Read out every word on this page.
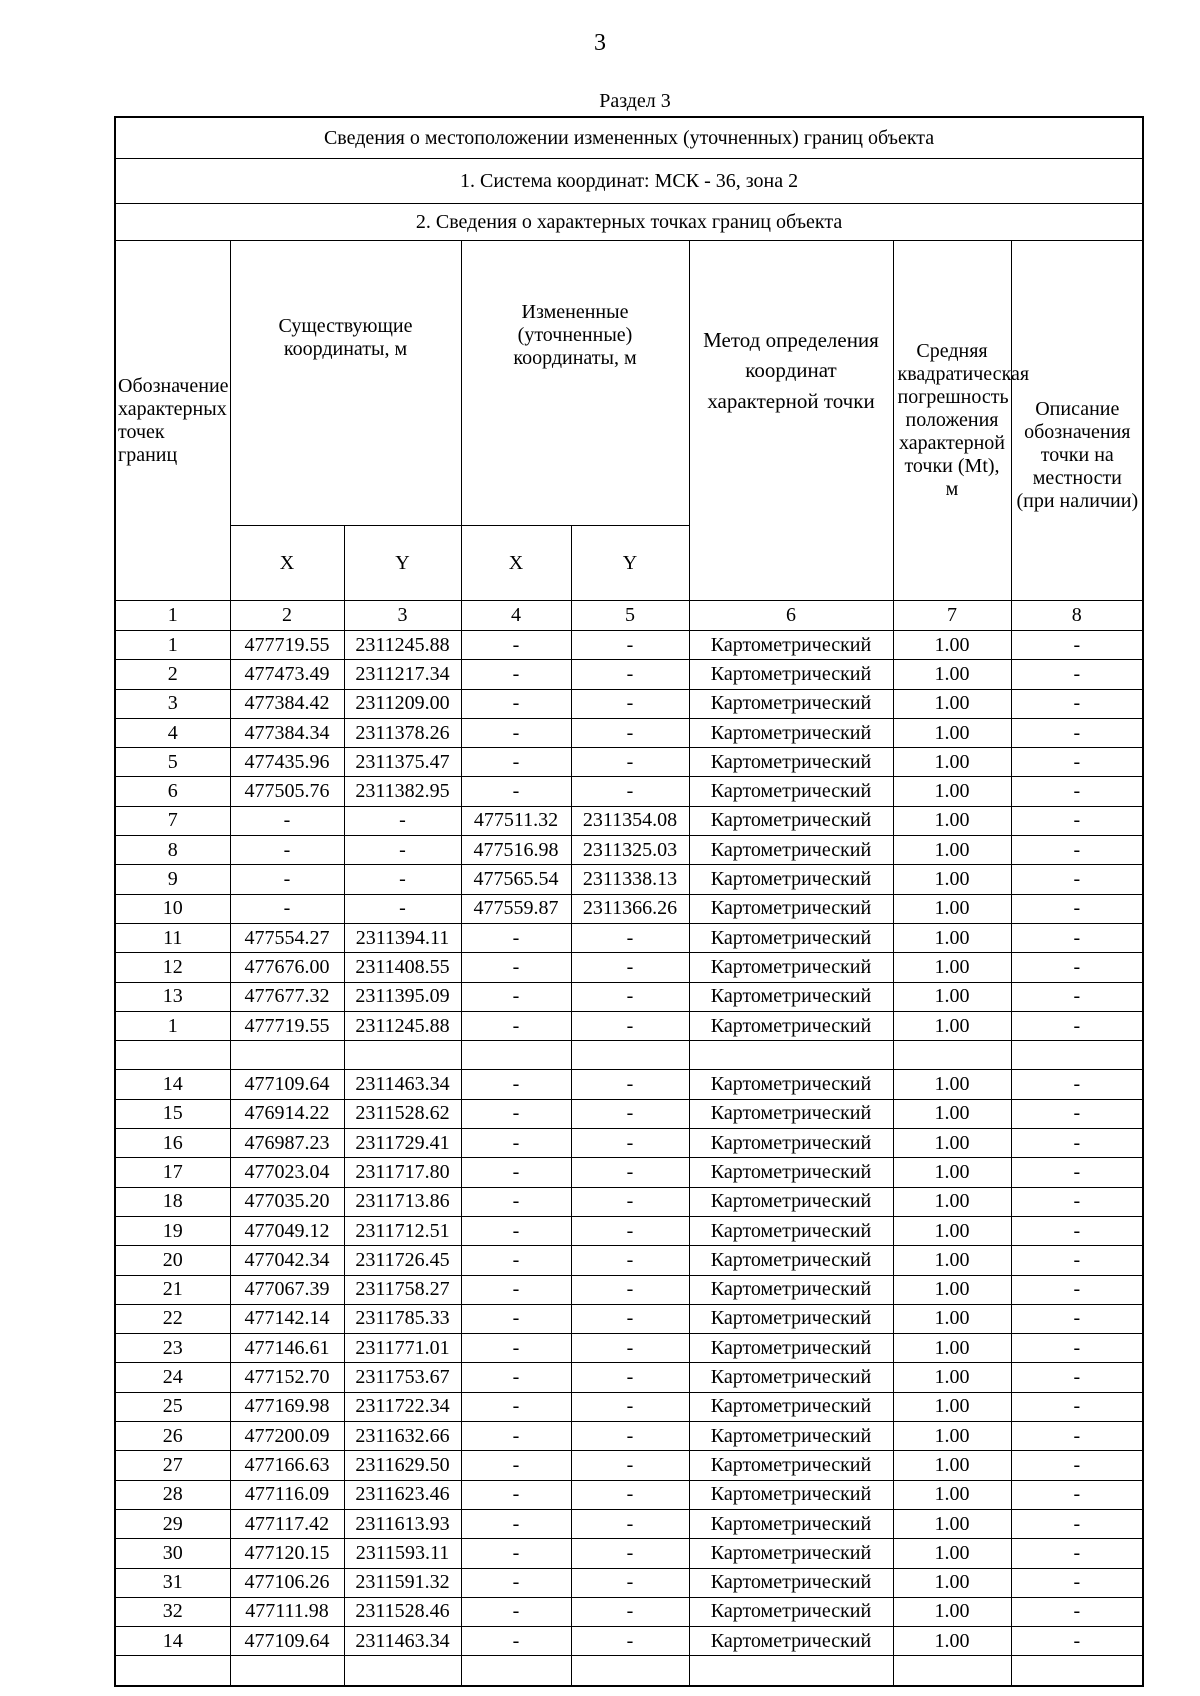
3
Раздел 3
Сведения о местоположении измененных (уточненных) границ объекта							
1. Система координат: МСК - 36, зона 2							
2. Сведения о характерных точках границ объекта							
Обозначение характерных точек границ	Существующие координаты, м		Измененные (уточненные) координаты, м		Метод определения координат характерной точки	Средняя квадратическая погрешность положения характерной точки (Mt), м	Описание обозначения точки на местности (при наличии)
	X	Y	X	Y			
1	2	3	4	5	6	7	8
1	477719.55	2311245.88	-	-	Картометрический	1.00	-
2	477473.49	2311217.34	-	-	Картометрический	1.00	-
3	477384.42	2311209.00	-	-	Картометрический	1.00	-
4	477384.34	2311378.26	-	-	Картометрический	1.00	-
5	477435.96	2311375.47	-	-	Картометрический	1.00	-
6	477505.76	2311382.95	-	-	Картометрический	1.00	-
7	-	-	477511.32	2311354.08	Картометрический	1.00	-
8	-	-	477516.98	2311325.03	Картометрический	1.00	-
9	-	-	477565.54	2311338.13	Картометрический	1.00	-
10	-	-	477559.87	2311366.26	Картометрический	1.00	-
11	477554.27	2311394.11	-	-	Картометрический	1.00	-
12	477676.00	2311408.55	-	-	Картометрический	1.00	-
13	477677.32	2311395.09	-	-	Картометрический	1.00	-
1	477719.55	2311245.88	-	-	Картометрический	1.00	-

14	477109.64	2311463.34	-	-	Картометрический	1.00	-
15	476914.22	2311528.62	-	-	Картометрический	1.00	-
16	476987.23	2311729.41	-	-	Картометрический	1.00	-
17	477023.04	2311717.80	-	-	Картометрический	1.00	-
18	477035.20	2311713.86	-	-	Картометрический	1.00	-
19	477049.12	2311712.51	-	-	Картометрический	1.00	-
20	477042.34	2311726.45	-	-	Картометрический	1.00	-
21	477067.39	2311758.27	-	-	Картометрический	1.00	-
22	477142.14	2311785.33	-	-	Картометрический	1.00	-
23	477146.61	2311771.01	-	-	Картометрический	1.00	-
24	477152.70	2311753.67	-	-	Картометрический	1.00	-
25	477169.98	2311722.34	-	-	Картометрический	1.00	-
26	477200.09	2311632.66	-	-	Картометрический	1.00	-
27	477166.63	2311629.50	-	-	Картометрический	1.00	-
28	477116.09	2311623.46	-	-	Картометрический	1.00	-
29	477117.42	2311613.93	-	-	Картометрический	1.00	-
30	477120.15	2311593.11	-	-	Картометрический	1.00	-
31	477106.26	2311591.32	-	-	Картометрический	1.00	-
32	477111.98	2311528.46	-	-	Картометрический	1.00	-
14	477109.64	2311463.34	-	-	Картометрический	1.00	-
